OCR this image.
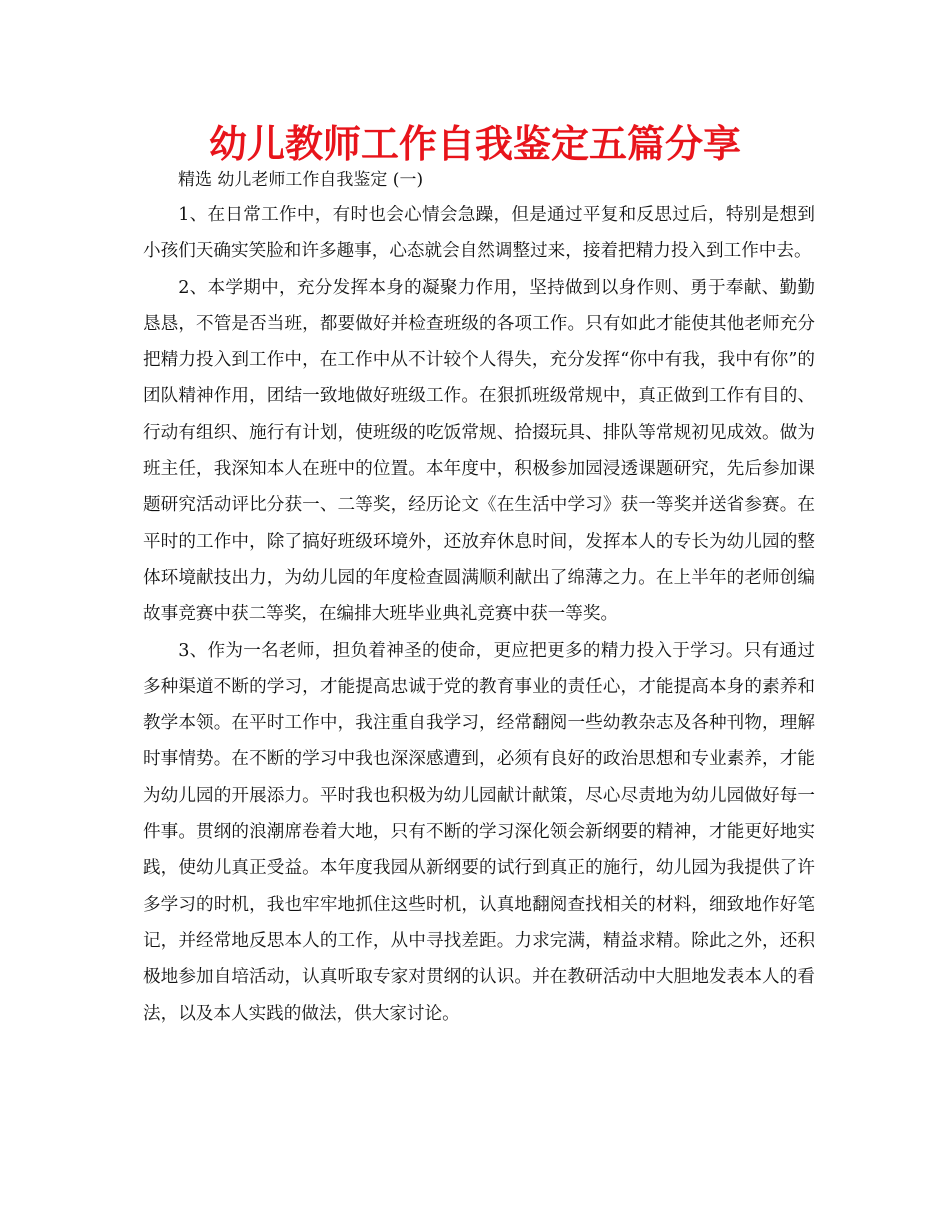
幼儿教师工作自我鉴定五篇分享
精选 幼儿老师工作自我鉴定 (一)

1、在日常工作中，有时也会心情会急躁，但是通过平复和反思过后，特别是想到小孩们天确实笑脸和许多趣事，心态就会自然调整过来，接着把精力投入到工作中去。

2、本学期中，充分发挥本身的凝聚力作用，坚持做到以身作则、勇于奉献、勤勤恳恳，不管是否当班，都要做好并检查班级的各项工作。只有如此才能使其他老师充分把精力投入到工作中，在工作中从不计较个人得失，充分发挥“你中有我，我中有你”的团队精神作用，团结一致地做好班级工作。在狠抓班级常规中，真正做到工作有目的、行动有组织、施行有计划，使班级的吃饭常规、拾掇玩具、排队等常规初见成效。做为班主任，我深知本人在班中的位置。本年度中，积极参加园浸透课题研究，先后参加课题研究活动评比分获一、二等奖，经历论文《在生活中学习》获一等奖并送省参赛。在平时的工作中，除了搞好班级环境外，还放弃休息时间，发挥本人的专长为幼儿园的整体环境献技出力，为幼儿园的年度检查圆满顺利献出了绵薄之力。在上半年的老师创编故事竞赛中获二等奖，在编排大班毕业典礼竞赛中获一等奖。

3、作为一名老师，担负着神圣的使命，更应把更多的精力投入于学习。只有通过多种渠道不断的学习，才能提高忠诚于党的教育事业的责任心，才能提高本身的素养和教学本领。在平时工作中，我注重自我学习，经常翻阅一些幼教杂志及各种刊物，理解时事情势。在不断的学习中我也深深感遭到，必须有良好的政治思想和专业素养，才能为幼儿园的开展添力。平时我也积极为幼儿园献计献策，尽心尽责地为幼儿园做好每一件事。贯纲的浪潮席卷着大地，只有不断的学习深化领会新纲要的精神，才能更好地实践，使幼儿真正受益。本年度我园从新纲要的试行到真正的施行，幼儿园为我提供了许多学习的时机，我也牢牢地抓住这些时机，认真地翻阅查找相关的材料，细致地作好笔记，并经常地反思本人的工作，从中寻找差距。力求完满，精益求精。除此之外，还积极地参加自培活动，认真听取专家对贯纲的认识。并在教研活动中大胆地发表本人的看法，以及本人实践的做法，供大家讨论。
